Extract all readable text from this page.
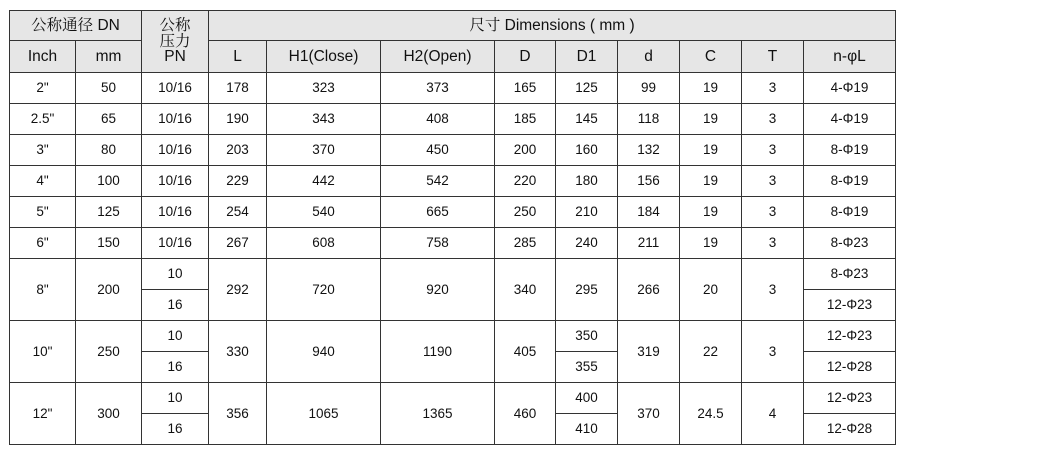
公称通径 DN		公称
压力
PN	尺寸 Dimensions ( mm )								
Inch	mm		L	H1(Close)	H2(Open)	D	D1	d	C	T	n-φL
2"	50	10/16	178	323	373	165	125	99	19	3	4-Φ19
2.5"	65	10/16	190	343	408	185	145	118	19	3	4-Φ19
3"	80	10/16	203	370	450	200	160	132	19	3	8-Φ19
4"	100	10/16	229	442	542	220	180	156	19	3	8-Φ19
5"	125	10/16	254	540	665	250	210	184	19	3	8-Φ19
6"	150	10/16	267	608	758	285	240	211	19	3	8-Φ23
8"	200	10	292	720	920	340	295	266	20	3	8-Φ23
		16									12-Φ23
10"	250	10	330	940	1190	405	350	319	22	3	12-Φ23
		16					355				12-Φ28
12"	300	10	356	1065	1365	460	400	370	24.5	4	12-Φ23
		16					410				12-Φ28
